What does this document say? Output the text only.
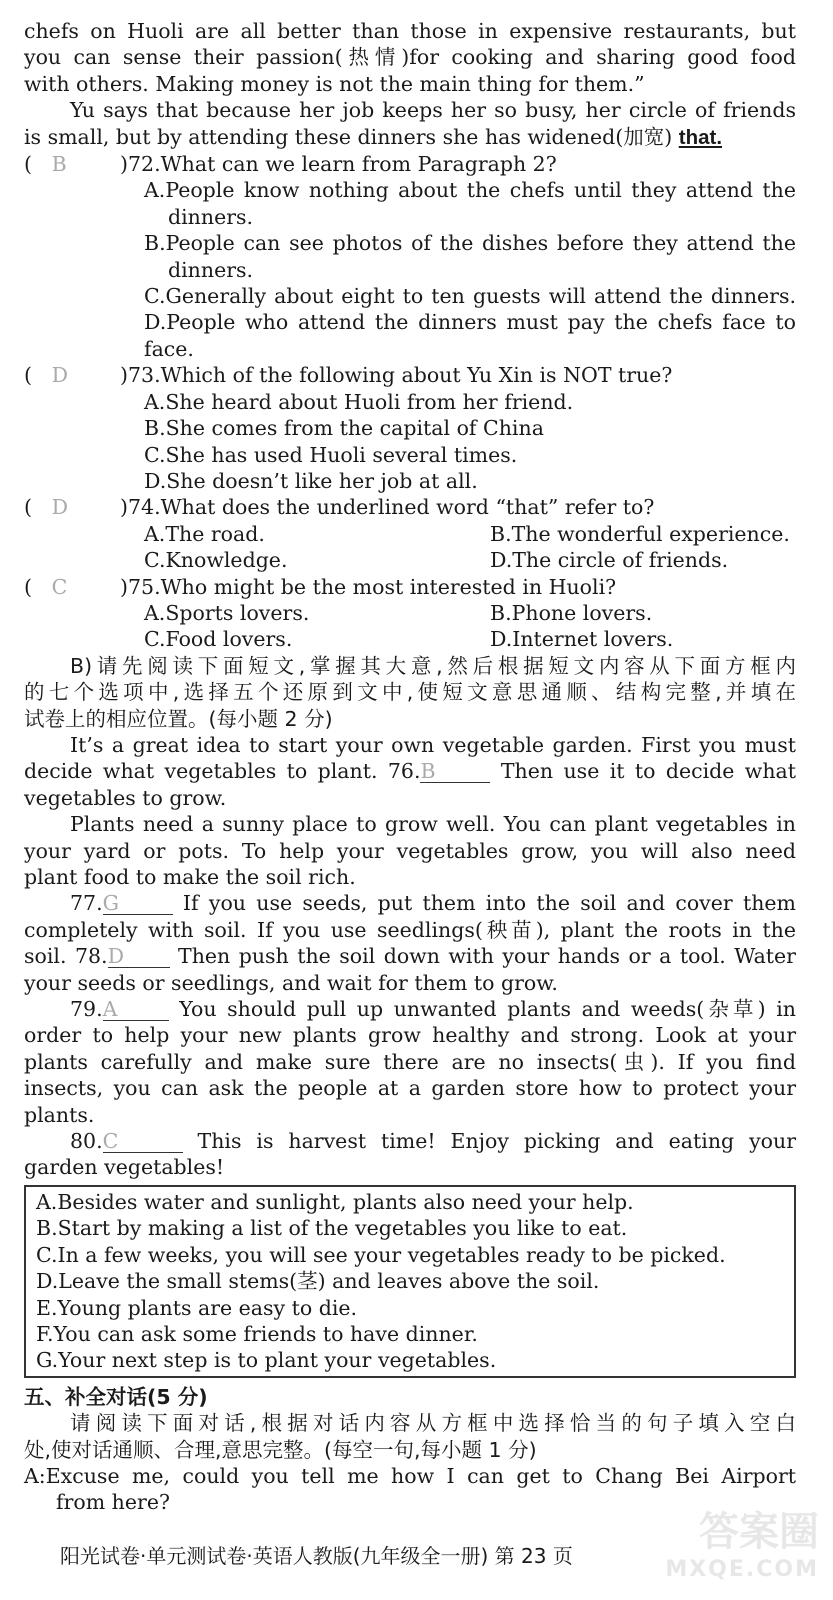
chefs on Huoli are all better than those in expensive restaurants, but
you can sense their passion(热情)for cooking and sharing good food
with others. Making money is not the main thing for them.”
Yu says that because her job keeps her so busy, her circle of friends
is small, but by attending these dinners she has widened(加宽) that.
( B	)72.What can we learn from Paragraph 2?
A.People know nothing about the chefs until they attend the
dinners.
B.People can see photos of the dishes before they attend the
dinners.
C.Generally about eight to ten guests will attend the dinners.
D.People who attend the dinners must pay the chefs face to face.
( D	)73.Which of the following about Yu Xin is NOT true?
A.She heard about Huoli from her friend.
B.She comes from the capital of China
C.She has used Huoli several times.
D.She doesn’t like her job at all.
( D	)74.What does the underlined word “that” refer to?
A.The road.	B.The wonderful experience.
C.Knowledge.	D.The circle of friends.
( C	)75.Who might be the most interested in Huoli?
A.Sports lovers.	B.Phone lovers.
C.Food lovers.	D.Internet lovers.
B)请先阅读下面短文,掌握其大意,然后根据短文内容从下面方框内
的七个选项中,选择五个还原到文中,使短文意思通顺、结构完整,并填在
试卷上的相应位置。(每小题 2 分)
It’s a great idea to start your own vegetable garden. First you must
decide what vegetables to plant. 76.B	Then use it to decide what
vegetables to grow.
Plants need a sunny place to grow well. You can plant vegetables in
your yard or pots. To help your vegetables grow, you will also need
plant food to make the soil rich.
77.G	If you use seeds, put them into the soil and cover them
completely with soil. If you use seedlings(秧苗), plant the roots in the
soil. 78.D	Then push the soil down with your hands or a tool. Water
your seeds or seedlings, and wait for them to grow.
79.A	You should pull up unwanted plants and weeds(杂草) in
order to help your new plants grow healthy and strong. Look at your
plants carefully and make sure there are no insects(虫). If you find
insects, you can ask the people at a garden store how to protect your
plants.
80.C	This is harvest time! Enjoy picking and eating your
garden vegetables!
A.Besides water and sunlight, plants also need your help.
B.Start by making a list of the vegetables you like to eat.
C.In a few weeks, you will see your vegetables ready to be picked.
D.Leave the small stems(茎) and leaves above the soil.
E.Young plants are easy to die.
F.You can ask some friends to have dinner.
G.Your next step is to plant your vegetables.
五、补全对话(5 分)
请阅读下面对话,根据对话内容从方框中选择恰当的句子填入空白
处,使对话通顺、合理,意思完整。(每空一句,每小题 1 分)
A:Excuse me, could you tell me how I can get to Chang Bei Airport
from here?
答案圈
MXQE.COM
阳光试卷·单元测试卷·英语人教版(九年级全一册) 第 23 页
